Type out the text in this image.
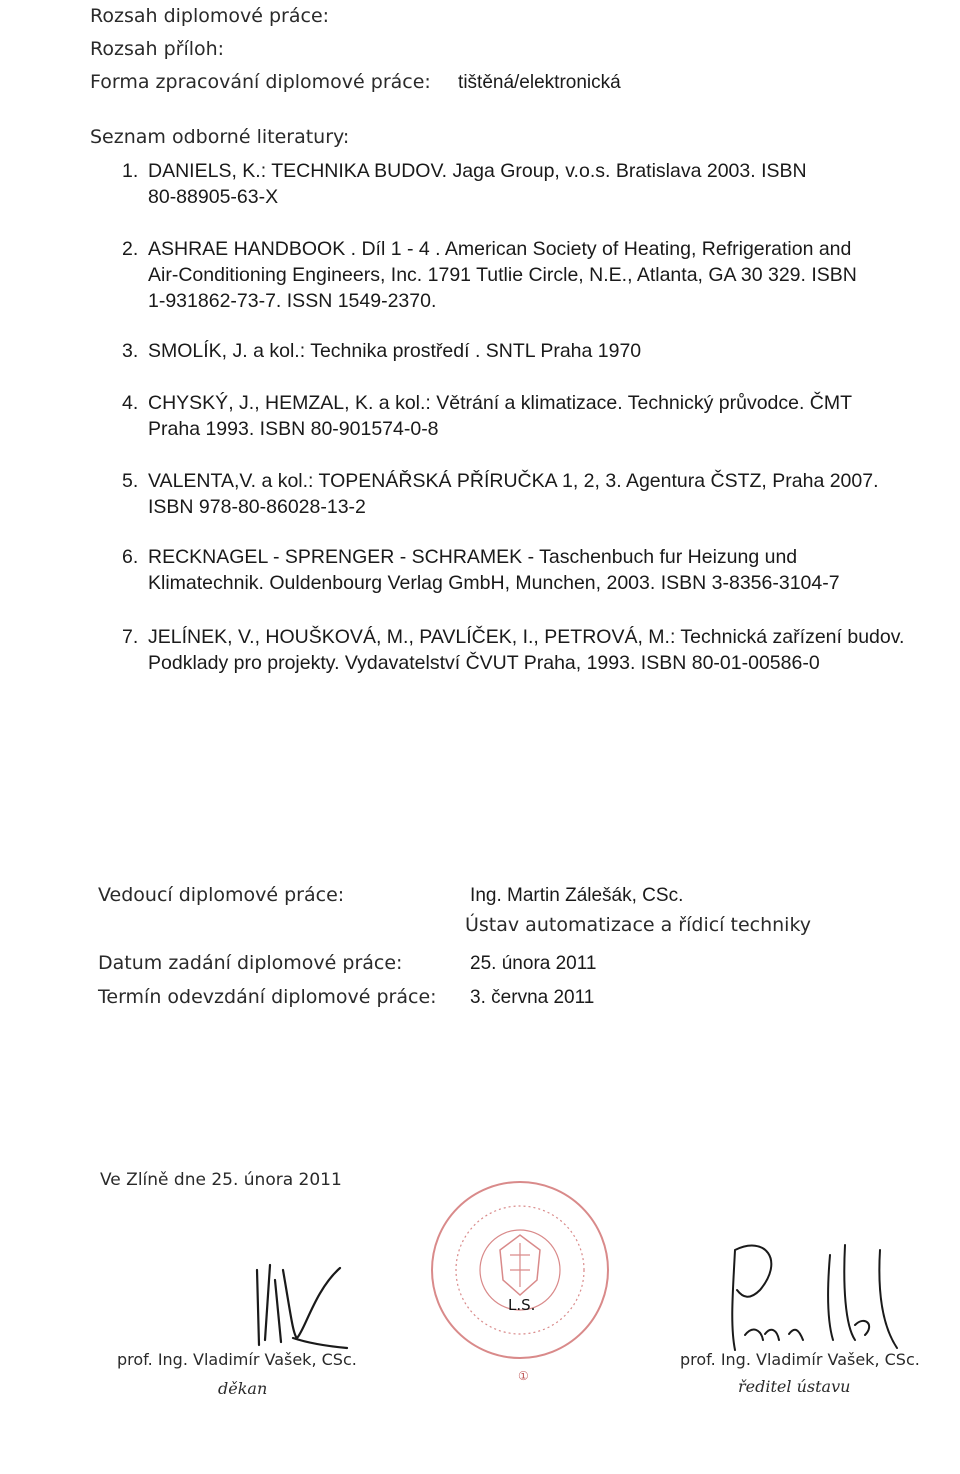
Rozsah diplomové práce:
Rozsah příloh:
Forma zpracování diplomové práce: tištěná/elektronická
Seznam odborné literatury:
1. DANIELS, K.: TECHNIKA BUDOV. Jaga Group, v.o.s. Bratislava 2003. ISBN
80-88905-63-X
2. ASHRAE HANDBOOK . Díl 1 - 4 . American Society of Heating, Refrigeration and
Air-Conditioning Engineers, Inc. 1791 Tutlie Circle, N.E., Atlanta, GA 30 329. ISBN
1-931862-73-7. ISSN 1549-2370.
3. SMOLÍK, J. a kol.: Technika prostředí . SNTL Praha 1970
4. CHYSKÝ, J., HEMZAL, K. a kol.: Větrání a klimatizace. Technický průvodce. ČMT
Praha 1993. ISBN 80-901574-0-8
5. VALENTA,V. a kol.: TOPENÁŘSKÁ PŘÍRUČKA 1, 2, 3. Agentura ČSTZ, Praha 2007.
ISBN 978-80-86028-13-2
6. RECKNAGEL - SPRENGER - SCHRAMEK - Taschenbuch fur Heizung und
Klimatechnik. Ouldenbourg Verlag GmbH, Munchen, 2003. ISBN 3-8356-3104-7
7. JELÍNEK, V., HOUŠKOVÁ, M., PAVLÍČEK, I., PETROVÁ, M.: Technická zařízení budov.
Podklady pro projekty. Vydavatelství ČVUT Praha, 1993. ISBN 80-01-00586-0
Vedoucí diplomové práce:	Ing. Martin Zálešák, CSc.
Ústav automatizace a řídicí techniky
Datum zadání diplomové práce:	25. února 2011
Termín odevzdání diplomové práce: 3. června 2011
Ve Zlíně dne 25. února 2011
prof. Ing. Vladimír Vašek, CSc.
děkan
L.S.
①
prof. Ing. Vladimír Vašek, CSc.
ředitel ústavu
